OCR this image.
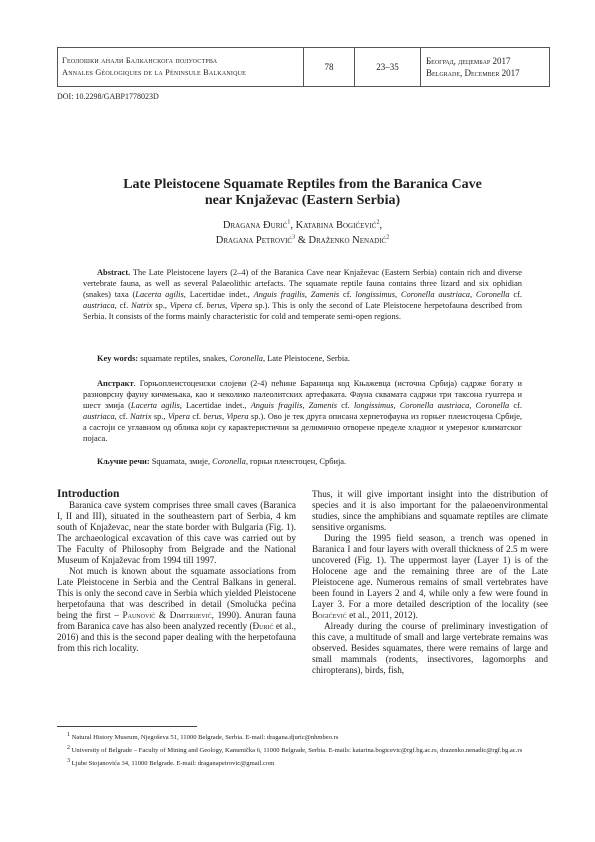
Геолошки анали Балканскога полуострва
Annales Géologiques de la Péninsule Balkanique
78	23–35
Београд, децембар 2017
Belgrade, December 2017
DOI: 10.2298/GABP1778023D
Late Pleistocene Squamate Reptiles from the Baranica Cave
near Knjaževac (Eastern Serbia)
Dragana Đurić$^1$, Katarina Bogićević$^2$,
Dragana Petrović$^3$ & Draženko Nenadić$^2$

Abstract. The Late Pleistocene layers (2–4) of the Baranica Cave near Knjaževac (Eastern Serbia) contain rich and diverse vertebrate fauna, as well as several Palaeolithic artefacts. The squamate reptile fauna contains three lizard and six ophidian (snakes) taxa (Lacerta agilis, Lacertidae indet., Anguis fragilis, Zamenis cf. longissimus, Coronella austriaca, Coronella cf. austriaca, cf. Natrix sp., Vipera cf. berus, Vipera sp.). This is only the second of Late Pleistocene herpetofauna described from Serbia. It consists of the forms mainly characteristic for cold and temperate semi-open regions.

Key words: squamate reptiles, snakes, Coronella, Late Pleistocene, Serbia.

Апстракт. Горњоплеистоценски слојеви (2-4) пећине Бараница код Књажевца (источна Србија) садрже богату и разноврсну фауну кичмењака, као и неколико палеолитских артефаката. Фауна сквамата садржи три таксона гуштера и шест змија (Lacerta agilis, Lacertidae indet., Anguis fragilis, Zamenis cf. longissimus, Coronella austriaca, Coronella cf. austriaca, cf. Natrix sp., Vipera cf. berus, Vipera sp.). Ово је тек друга описана херпетофауна из горњег плеистоцена Србије, а састоји се углавном од облика који су карактеристични за делимично отворене пределе хладног и умереног климатског појаса.

Кључне речи: Squamata, змије, Coronella, горњи плеистоцен, Србија.

Introduction

Baranica cave system comprises three small caves (Baranica I, II and III), situated in the southeastern part of Serbia, 4 km south of Knjaževac, near the state border with Bulgaria (Fig. 1). The archaeological excavation of this cave was carried out by The Faculty of Philosophy from Belgrade and the National Museum of Knjaževac from 1994 till 1997.

Not much is known about the squamate associations from Late Pleistocene in Serbia and the Central Balkans in general. This is only the second cave in Serbia which yielded Pleistocene herpetofauna that was described in detail (Smolućka pećina being the first – Paunović & Dimitrijević, 1990). Anuran fauna from Baranica cave has also been analyzed recently (Đurić et al., 2016) and this is the second paper dealing with the herpetofauna from this rich locality.

Thus, it will give important insight into the distribution of species and it is also important for the palaeoenvironmental studies, since the amphibians and squamate reptiles are climate sensitive organisms.

During the 1995 field season, a trench was opened in Baranica I and four layers with overall thickness of 2.5 m were uncovered (Fig. 1). The uppermost layer (Layer 1) is of the Holocene age and the remaining three are of the Late Pleistocene age. Numerous remains of small vertebrates have been found in Layers 2 and 4, while only a few were found in Layer 3. For a more detailed description of the locality (see Bogićević et al., 2011, 2012).

Already during the course of preliminary investigation of this cave, a multitude of small and large vertebrate remains was observed. Besides squamates, there were remains of large and small mammals (rodents, insectivores, lagomorphs and chiropterans), birds, fish,

$^1$ Natural History Museum, Njegoševa 51, 11000 Belgrade, Serbia. E-mail: dragana.djuric@nhmbeo.rs

$^2$ University of Belgrade – Faculty of Mining and Geology, Kamenička 6, 11000 Belgrade, Serbia. E-mails: katarina.bogicevic@rgf.bg.ac.rs, drazenko.nenadic@rgf.bg.ac.rs

$^3$ Ljube Stojanovića 34, 11000 Belgrade. E-mail: draganapetrovic@gmail.com
